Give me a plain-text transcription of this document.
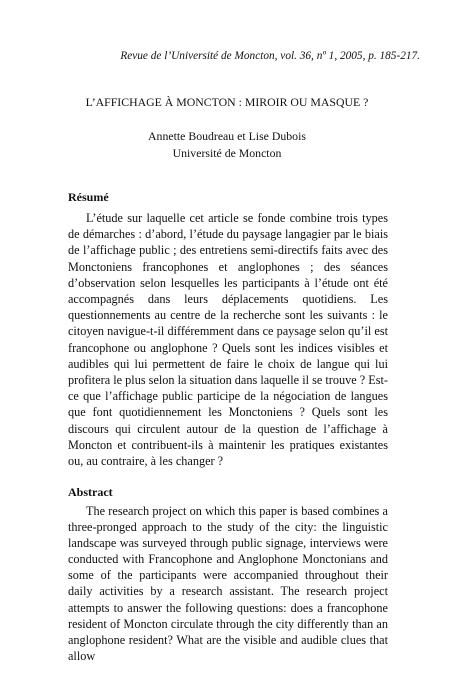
Revue de l’Université de Moncton, vol. 36, nº 1, 2005, p. 185-217.
L’AFFICHAGE À MONCTON : MIROIR OU MASQUE ?
Annette Boudreau et Lise Dubois
Université de Moncton
Résumé

L’étude sur laquelle cet article se fonde combine trois types de démarches : d’abord, l’étude du paysage langagier par le biais de l’affichage public ; des entretiens semi-directifs faits avec des Monctoniens francophones et anglophones ; des séances d’observation selon lesquelles les participants à l’étude ont été accompagnés dans leurs déplacements quotidiens. Les questionnements au centre de la recherche sont les suivants : le citoyen navigue-t-il différemment dans ce paysage selon qu’il est francophone ou anglophone ? Quels sont les indices visibles et audibles qui lui permettent de faire le choix de langue qui lui profitera le plus selon la situation dans laquelle il se trouve ? Est-ce que l’affichage public participe de la négociation de langues que font quotidiennement les Monctoniens ? Quels sont les discours qui circulent autour de la question de l’affichage à Moncton et contribuent-ils à maintenir les pratiques existantes ou, au contraire, à les changer ?

Abstract

The research project on which this paper is based combines a three-pronged approach to the study of the city: the linguistic landscape was surveyed through public signage, interviews were conducted with Francophone and Anglophone Monctonians and some of the participants were accompanied throughout their daily activities by a research assistant. The research project attempts to answer the following questions: does a francophone resident of Moncton circulate through the city differently than an anglophone resident? What are the visible and audible clues that allow
